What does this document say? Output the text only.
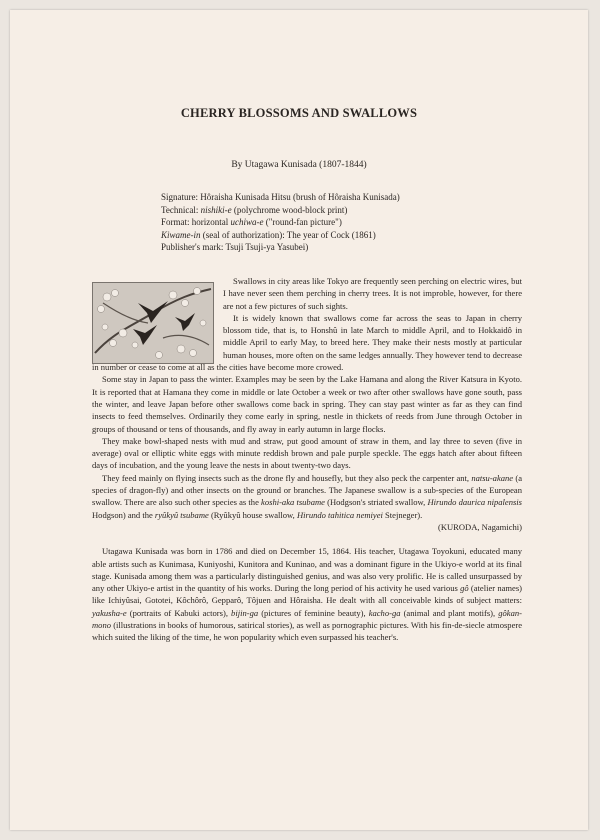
CHERRY BLOSSOMS AND SWALLOWS
By Utagawa Kunisada (1807-1844)
Signature: Hôraisha Kunisada Hitsu (brush of Hôraisha Kunisada)
Technical: nishiki-e (polychrome wood-block print)
Format: horizontal uchiwa-e ("round-fan picture")
Kiwame-in (seal of authorization): The year of Cock (1861)
Publisher's mark: Tsuji Tsuji-ya Yasubei)

Swallows in city areas like Tokyo are frequently seen perching on electric wires, but I have never seen them perching in cherry trees. It is not improble, however, for there are not a few pictures of such sights.

It is widely known that swallows come far across the seas to Japan in cherry blossom tide, that is, to Honshû in late March to middle April, and to Hokkaidô in middle April to early May, to breed here. They make their nests mostly at particular human houses, more often on the same ledges annually. They however tend to decrease in number or cease to come at all as the cities have become more crowed.

Some stay in Japan to pass the winter. Examples may be seen by the Lake Hamana and along the River Katsura in Kyoto. It is reported that at Hamana they come in middle or late October a week or two after other swallows have gone south, pass the winter, and leave Japan before other swallows come back in spring. They can stay past winter as far as they can find insects to feed themselves. Ordinarily they come early in spring, nestle in thickets of reeds from June through October in groups of thousand or tens of thousands, and fly away in early autumn in large flocks.

They make bowl-shaped nests with mud and straw, put good amount of straw in them, and lay three to seven (five in average) oval or elliptic white eggs with minute reddish brown and pale purple speckle. The eggs hatch after about fifteen days of incubation, and the young leave the nests in about twenty-two days.

They feed mainly on flying insects such as the drone fly and housefly, but they also peck the carpenter ant, natsu-akane (a species of dragon-fly) and other insects on the ground or branches. The Japanese swallow is a sub-species of the European swallow. There are also such other species as the koshi-aka tsubame (Hodgson's striated swallow, Hirundo daurica nipalensis Hodgson) and the ryûkyû tsubame (Ryûkyû house swallow, Hirundo tahitica nemiyei Stejneger).

(KURODA, Nagamichi)

Utagawa Kunisada was born in 1786 and died on December 15, 1864. His teacher, Utagawa Toyokuni, educated many able artists such as Kunimasa, Kuniyoshi, Kunitora and Kuninao, and was a dominant figure in the Ukiyo-e world at its final stage. Kunisada among them was a particularly distinguished genius, and was also very prolific. He is called unsurpassed by any other Ukiyo-e artist in the quantity of his works. During the long period of his activity he used various gô (atelier names) like Ichiyûsai, Gototei, Kôchôrô, Gepparô, Tôjuen and Hôraisha. He dealt with all conceivable kinds of subject matters: yakusha-e (portraits of Kabuki actors), bijin-ga (pictures of feminine beauty), kacho-ga (animal and plant motifs), gôkan-mono (illustrations in books of humorous, satirical stories), as well as pornographic pictures. With his fin-de-siecle atmospere which suited the liking of the time, he won popularity which even surpassed his teacher's.
